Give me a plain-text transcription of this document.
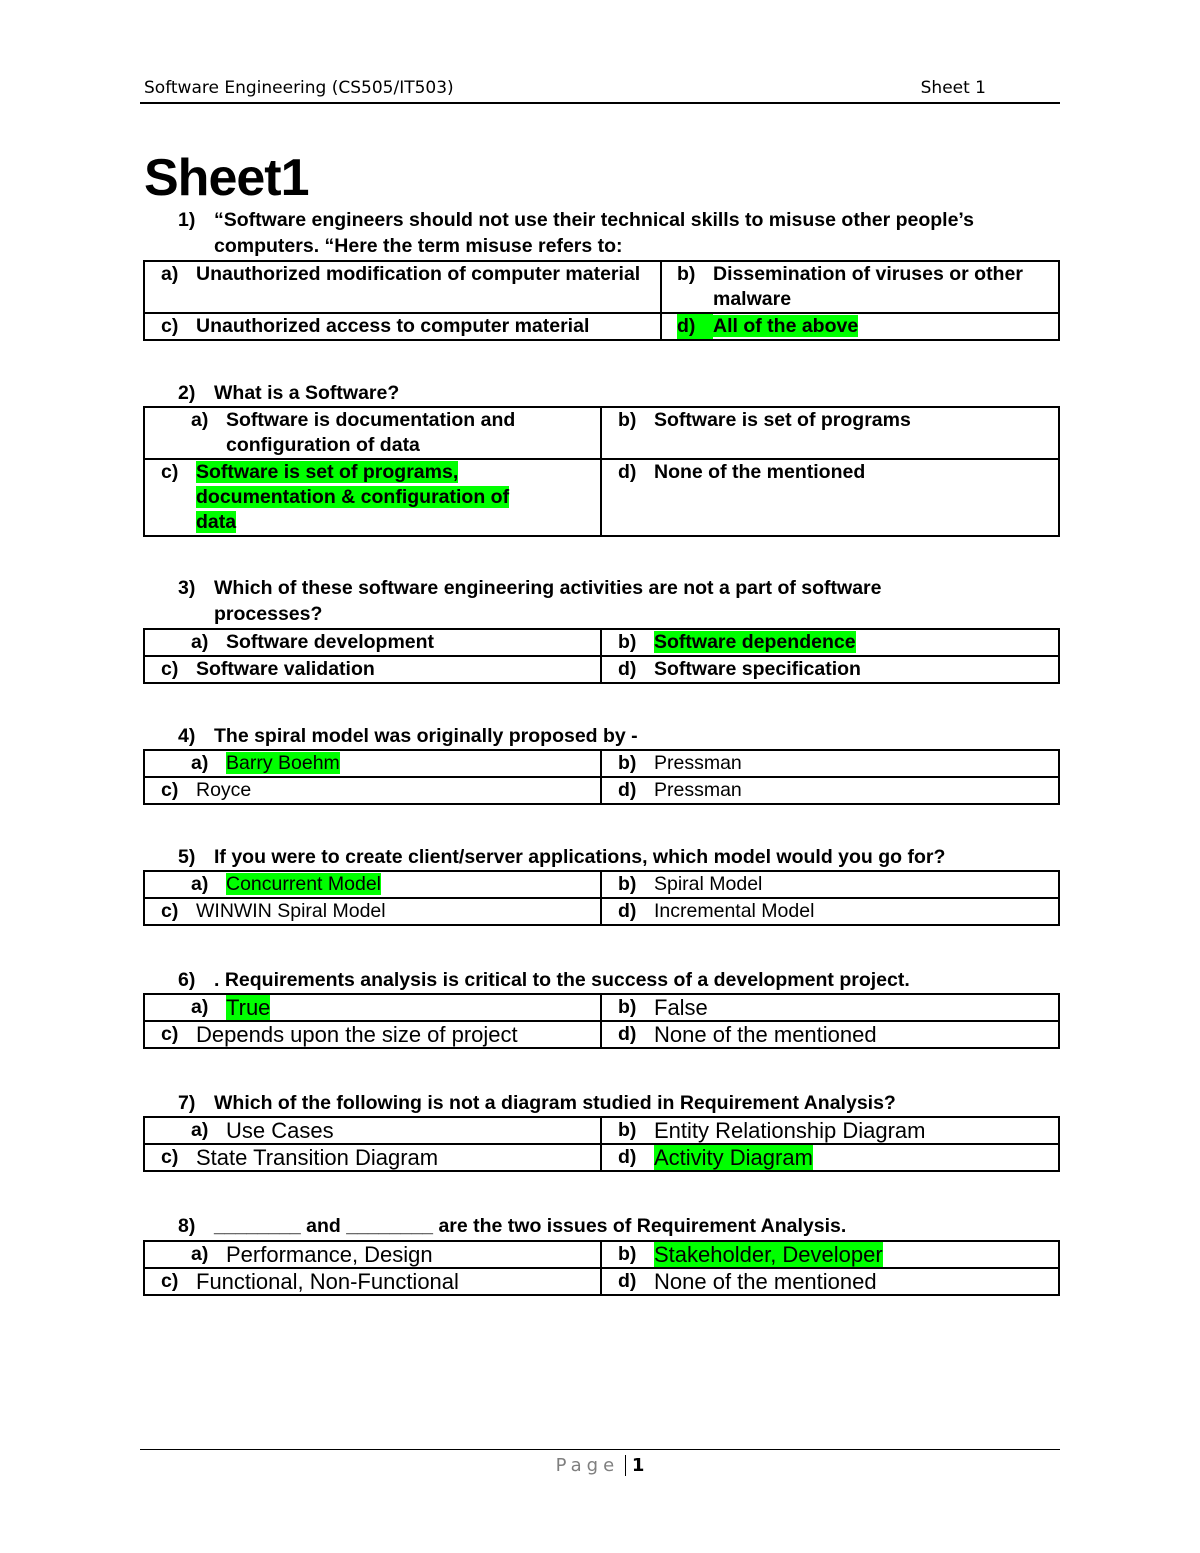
Software Engineering (CS505/IT503)	Sheet 1
Sheet1
1) “Software engineers should not use their technical skills to misuse other people’s computers. “Here the term misuse refers to:
a) Unauthorized modification of computer material	b) Dissemination of viruses or other malware

c) Unauthorized access to computer material	d) All of the above
2) What is a Software?
a) Software is documentation and configuration of data	b) Software is set of programs

c) Software is set of programs, documentation & configuration of data	d) None of the mentioned
3) Which of these software engineering activities are not a part of software processes?
a) Software development	b) Software dependence

c) Software validation	d) Software specification
4) The spiral model was originally proposed by -
a) Barry Boehm	b) Pressman

c) Royce	d) Pressman
5) If you were to create client/server applications, which model would you go for?
a) Concurrent Model	b) Spiral Model

c) WINWIN Spiral Model	d) Incremental Model
6) . Requirements analysis is critical to the success of a development project.
a) True	b) False

c) Depends upon the size of project	d) None of the mentioned
7) Which of the following is not a diagram studied in Requirement Analysis?
a) Use Cases	b) Entity Relationship Diagram

c) State Transition Diagram	d) Activity Diagram
8) ________ and ________ are the two issues of Requirement Analysis.
a) Performance, Design	b) Stakeholder, Developer

c) Functional, Non-Functional	d) None of the mentioned
Page 1
